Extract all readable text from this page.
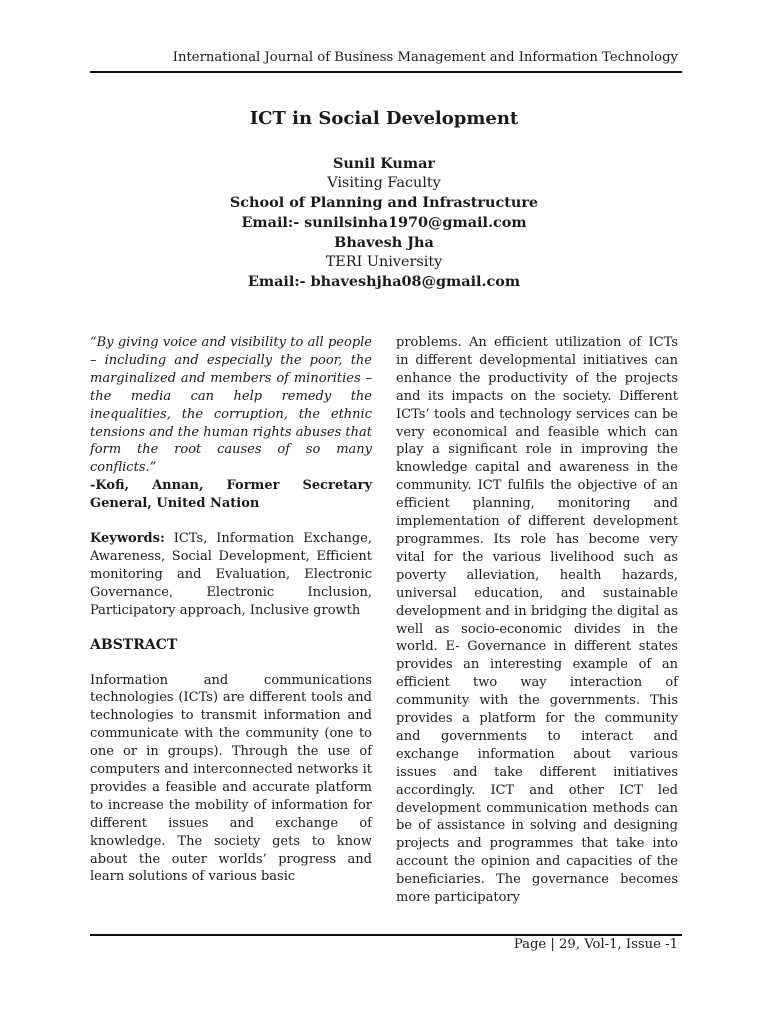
International Journal of Business Management and Information Technology
ICT in Social Development
Sunil Kumar
Visiting Faculty
School of Planning and Infrastructure
Email:- sunilsinha1970@gmail.com
Bhavesh Jha
TERI University
Email:- bhaveshjha08@gmail.com

“By giving voice and visibility to all people – including and especially the poor, the marginalized and members of minorities – the media can help remedy the inequalities, the corruption, the ethnic tensions and the human rights abuses that form the root causes of so many conflicts.”

-Kofi, Annan, Former Secretary General, United Nation

Keywords: ICTs, Information Exchange, Awareness, Social Development, Efficient monitoring and Evaluation, Electronic Governance, Electronic Inclusion, Participatory approach, Inclusive growth

ABSTRACT

Information and communications technologies (ICTs) are different tools and technologies to transmit information and communicate with the community (one to one or in groups). Through the use of computers and interconnected networks it provides a feasible and accurate platform to increase the mobility of information for different issues and exchange of knowledge. The society gets to know about the outer worlds’ progress and learn solutions of various basic

problems. An efficient utilization of ICTs in different developmental initiatives can enhance the productivity of the projects and its impacts on the society. Different ICTs’ tools and technology services can be very economical and feasible which can play a significant role in improving the knowledge capital and awareness in the community. ICT fulfils the objective of an efficient planning, monitoring and implementation of different development programmes. Its role has become very vital for the various livelihood such as poverty alleviation, health hazards, universal education, and sustainable development and in bridging the digital as well as socio-economic divides in the world. E- Governance in different states provides an interesting example of an efficient two way interaction of community with the governments. This provides a platform for the community and governments to interact and exchange information about various issues and take different initiatives accordingly. ICT and other ICT led development communication methods can be of assistance in solving and designing projects and programmes that take into account the opinion and capacities of the beneficiaries. The governance becomes more participatory

Page | 29, Vol-1, Issue -1
